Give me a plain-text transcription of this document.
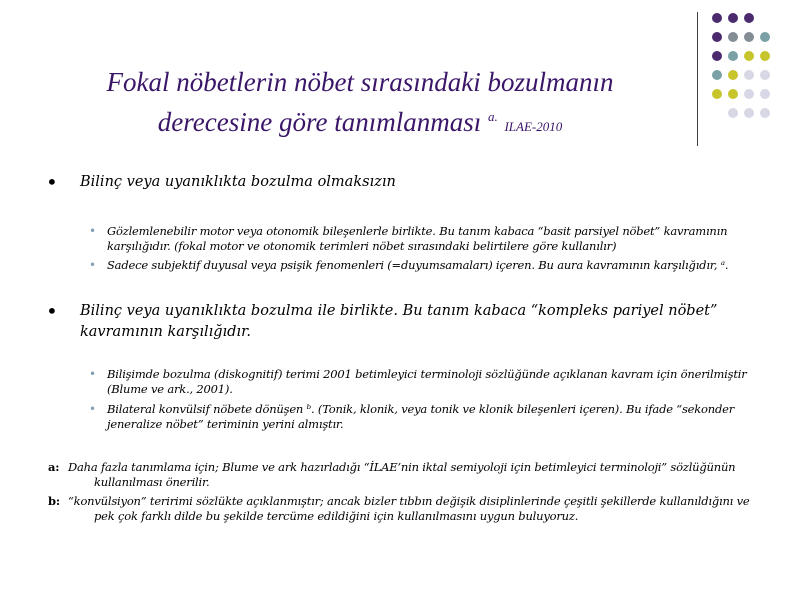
Fokal nöbetlerin nöbet sırasındaki bozulmanın
derecesine göre tanımlanması $^{a.}$ ILAE-2010
• Bilinç veya uyanıklıkta bozulma olmaksızın
• Gözlemlenebilir motor veya otonomik bileşenlerle birlikte. Bu tanım kabaca “basit parsiyel nöbet” kavramının karşılığıdır. (fokal motor ve otonomik terimleri nöbet sırasındaki belirtilere göre kullanılır)
• Sadece subjektif duyusal veya psişik fenomenleri (=duyumsamaları) içeren. Bu aura kavramının karşılığıdır, ᵃ.
• Bilinç veya uyanıklıkta bozulma ile birlikte. Bu tanım kabaca “kompleks pariyel nöbet” kavramının karşılığıdır.
• Bilişimde bozulma (diskognitif) terimi 2001 betimleyici terminoloji sözlüğünde açıklanan kavram için önerilmiştir (Blume ve ark., 2001).
• Bilateral konvülsif nöbete dönüşen ᵇ. (Tonik, klonik, veya tonik ve klonik bileşenleri içeren). Bu ifade “sekonder jeneralize nöbet” teriminin yerini almıştır.
a: Daha fazla tanımlama için; Blume ve ark hazırladığı “İLAE’nin iktal semiyoloji için betimleyici terminoloji” sözlüğünün kullanılması önerilir.
b: “konvülsiyon” teririmi sözlükte açıklanmıştır; ancak bizler tıbbın değişik disiplinlerinde çeşitli şekillerde kullanıldığını ve pek çok farklı dilde bu şekilde tercüme edildiğini için kullanılmasını uygun buluyoruz.
